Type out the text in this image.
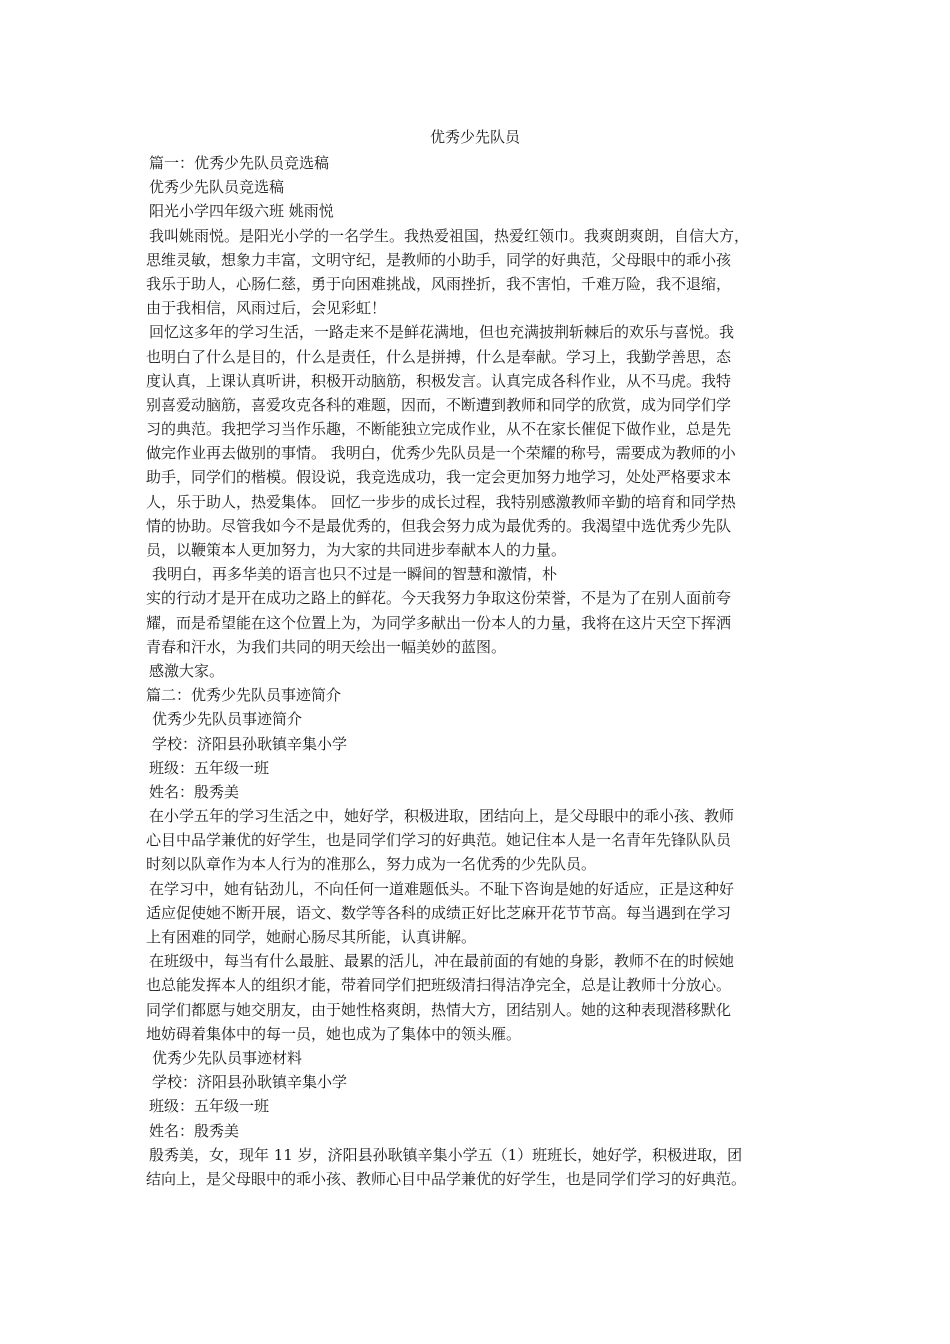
优秀少先队员
篇一：优秀少先队员竞选稿
优秀少先队员竞选稿
阳光小学四年级六班 姚雨悦
我叫姚雨悦。是阳光小学的一名学生。我热爱祖国，热爱红领巾。我爽朗爽朗，自信大方，
思维灵敏，想象力丰富，文明守纪，是教师的小助手，同学的好典范，父母眼中的乖小孩
我乐于助人，心肠仁慈，勇于向困难挑战，风雨挫折，我不害怕，千难万险，我不退缩，
由于我相信，风雨过后，会见彩虹！
回忆这多年的学习生活，一路走来不是鲜花满地，但也充满披荆斩棘后的欢乐与喜悦。我
也明白了什么是目的，什么是责任，什么是拼搏，什么是奉献。学习上，我勤学善思，态
度认真，上课认真听讲，积极开动脑筋，积极发言。认真完成各科作业，从不马虎。我特
别喜爱动脑筋，喜爱攻克各科的难题，因而，不断遭到教师和同学的欣赏，成为同学们学
习的典范。我把学习当作乐趣，不断能独立完成作业，从不在家长催促下做作业，总是先
做完作业再去做别的事情。 我明白，优秀少先队员是一个荣耀的称号，需要成为教师的小
助手，同学们的楷模。假设说，我竞选成功，我一定会更加努力地学习，处处严格要求本
人，乐于助人，热爱集体。 回忆一步步的成长过程，我特别感激教师辛勤的培育和同学热
情的协助。尽管我如今不是最优秀的，但我会努力成为最优秀的。我渴望中选优秀少先队
员，以鞭策本人更加努力，为大家的共同进步奉献本人的力量。
我明白，再多华美的语言也只不过是一瞬间的智慧和激情，朴
实的行动才是开在成功之路上的鲜花。今天我努力争取这份荣誉，不是为了在别人面前夸
耀，而是希望能在这个位置上为，为同学多献出一份本人的力量，我将在这片天空下挥洒
青春和汗水，为我们共同的明天绘出一幅美妙的蓝图。
感激大家。
篇二：优秀少先队员事迹简介
优秀少先队员事迹简介
学校：济阳县孙耿镇辛集小学
班级：五年级一班
姓名：殷秀美
在小学五年的学习生活之中，她好学，积极进取，团结向上，是父母眼中的乖小孩、教师
心目中品学兼优的好学生，也是同学们学习的好典范。她记住本人是一名青年先锋队队员
时刻以队章作为本人行为的准那么，努力成为一名优秀的少先队员。
在学习中，她有钻劲儿，不向任何一道难题低头。不耻下咨询是她的好适应，正是这种好
适应促使她不断开展，语文、数学等各科的成绩正好比芝麻开花节节高。每当遇到在学习
上有困难的同学，她耐心肠尽其所能，认真讲解。
在班级中，每当有什么最脏、最累的活儿，冲在最前面的有她的身影，教师不在的时候她
也总能发挥本人的组织才能，带着同学们把班级清扫得洁净完全，总是让教师十分放心。
同学们都愿与她交朋友，由于她性格爽朗，热情大方，团结别人。她的这种表现潜移默化
地妨碍着集体中的每一员，她也成为了集体中的领头雁。
优秀少先队员事迹材料
学校：济阳县孙耿镇辛集小学
班级：五年级一班
姓名：殷秀美
殷秀美，女，现年 11 岁，济阳县孙耿镇辛集小学五（1）班班长，她好学，积极进取，团
结向上，是父母眼中的乖小孩、教师心目中品学兼优的好学生，也是同学们学习的好典范。
